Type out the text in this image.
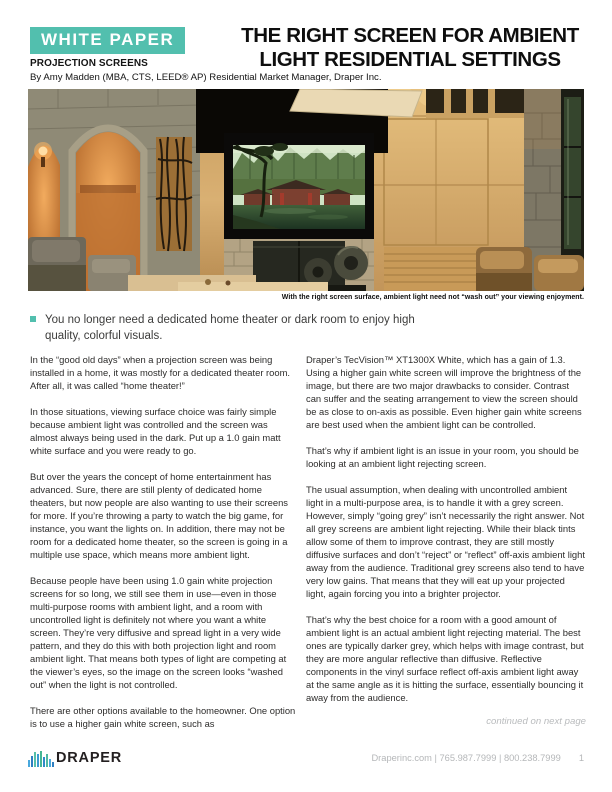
WHITE PAPER
PROJECTION SCREENS
By Amy Madden (MBA, CTS, LEED® AP) Residential Market Manager, Draper Inc.
THE RIGHT SCREEN FOR AMBIENT LIGHT RESIDENTIAL SETTINGS
With the right screen surface, ambient light need not “wash out” your viewing enjoyment.
You no longer need a dedicated home theater or dark room to enjoy high quality, colorful visuals.

In the “good old days” when a projection screen was being installed in a home, it was mostly for a dedicated theater room. After all, it was called “home theater!”

In those situations, viewing surface choice was fairly simple because ambient light was controlled and the screen was almost always being used in the dark. Put up a 1.0 gain matt white surface and you were ready to go.

But over the years the concept of home entertainment has advanced. Sure, there are still plenty of dedicated home theaters, but now people are also wanting to use their screens for more. If you’re throwing a party to watch the big game, for instance, you want the lights on. In addition, there may not be room for a dedicated home theater, so the screen is going in a multiple use space, which means more ambient light.

Because people have been using 1.0 gain white projection screens for so long, we still see them in use—even in those multi-purpose rooms with ambient light, and a room with uncontrolled light is definitely not where you want a white screen. They’re very diffusive and spread light in a very wide pattern, and they do this with both projection light and room ambient light. That means both types of light are competing at the viewer’s eyes, so the image on the screen looks “washed out” when the light is not controlled.

There are other options available to the homeowner. One option is to use a higher gain white screen, such as

Draper’s TecVision™ XT1300X White, which has a gain of 1.3. Using a higher gain white screen will improve the brightness of the image, but there are two major drawbacks to consider. Contrast can suffer and the seating arrangement to view the screen should be as close to on-axis as possible. Even higher gain white screens are best used when the ambient light can be controlled.

That’s why if ambient light is an issue in your room, you should be looking at an ambient light rejecting screen.

The usual assumption, when dealing with uncontrolled ambient light in a multi-purpose area, is to handle it with a grey screen. However, simply “going grey” isn’t necessarily the right answer. Not all grey screens are ambient light rejecting. While their black tints allow some of them to improve contrast, they are still mostly diffusive surfaces and don’t “reject” or “reflect” off-axis ambient light away from the audience. Traditional grey screens also tend to have very low gains. That means that they will eat up your projected light, again forcing you into a brighter projector.

That’s why the best choice for a room with a good amount of ambient light is an actual ambient light rejecting material. The best ones are typically darker grey, which helps with image contrast, but they are more angular reflective than diffusive. Reflective components in the vinyl surface reflect off-axis ambient light away at the same angle as it is hitting the surface, essentially bouncing it away from the audience.

continued on next page
DRAPER	Draperinc.com | 765.987.7999 | 800.238.7999 1
